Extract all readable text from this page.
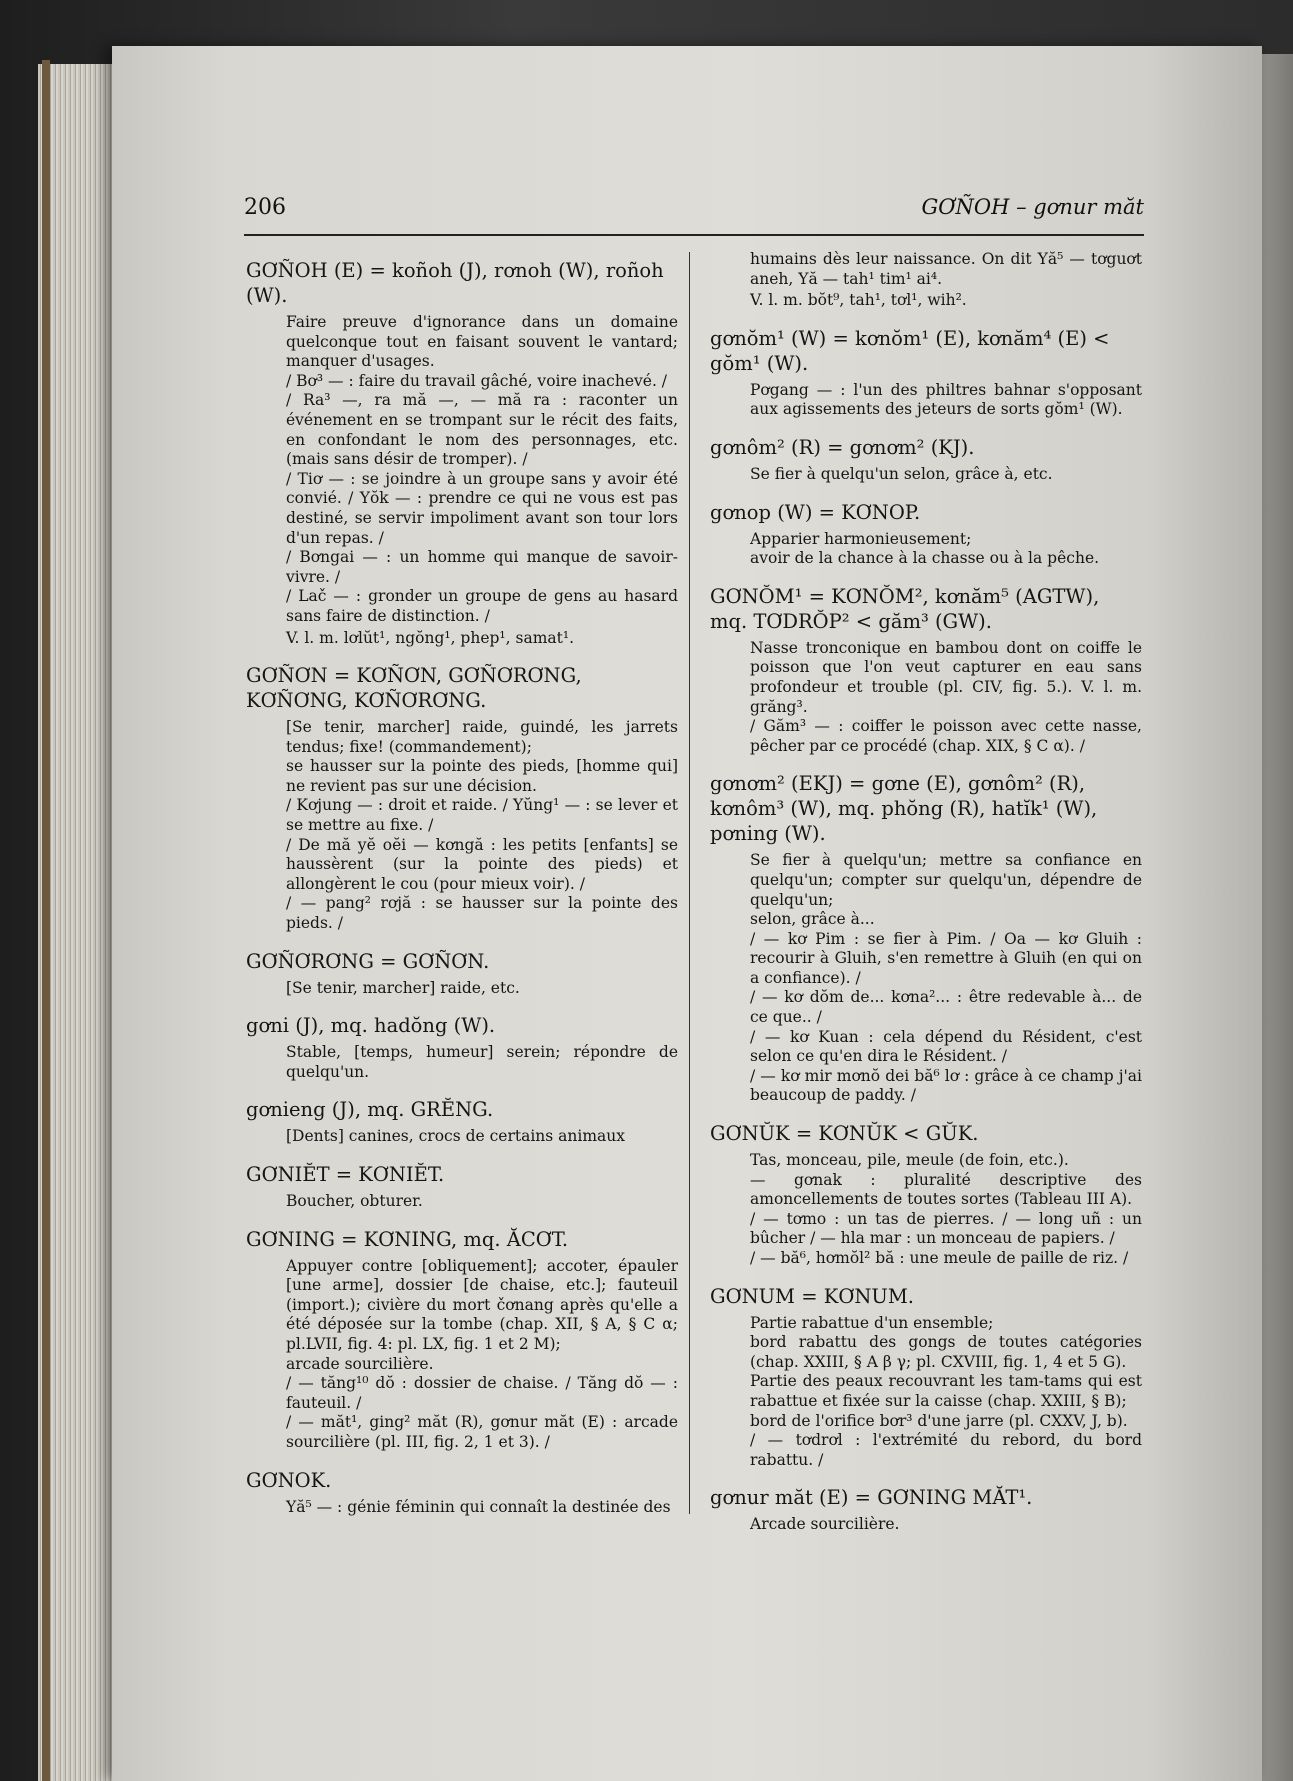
206	GƠÑOH – gơnur măt
GƠÑOH (E) = koñoh (J), rơnoh (W), roñoh (W).

Faire preuve d'ignorance dans un domaine quelconque tout en faisant souvent le vantard; manquer d'usages.

/ Bơ³ — : faire du travail gâché, voire inachevé. /

/ Ra³ —, ra mă —, — mă ra : raconter un événement en se trompant sur le récit des faits, en confondant le nom des personnages, etc. (mais sans désir de tromper). /

/ Tiơ — : se joindre à un groupe sans y avoir été convié. / Yŏk — : prendre ce qui ne vous est pas destiné, se servir impoliment avant son tour lors d'un repas. /

/ Bơngai — : un homme qui manque de savoir-vivre. /

/ Lač — : gronder un groupe de gens au hasard sans faire de distinction. /

V. l. m. lơlŭt¹, ngŏng¹, phep¹, samat¹.
GƠÑƠN = KƠÑƠN, GƠÑƠRƠNG, KƠÑƠNG, KƠÑƠRƠNG.

[Se tenir, marcher] raide, guindé, les jarrets tendus; fixe! (commandement);

se hausser sur la pointe des pieds, [homme qui] ne revient pas sur une décision.

/ Kơjung — : droit et raide. / Yŭng¹ — : se lever et se mettre au fixe. /

/ De mă yĕ oĕi — kơngă : les petits [enfants] se haussèrent (sur la pointe des pieds) et allongèrent le cou (pour mieux voir). /

/ — pang² rơjă : se hausser sur la pointe des pieds. /

GƠÑƠRƠNG = GƠÑƠN.

[Se tenir, marcher] raide, etc.

gơni (J), mq. hadŏng (W).

Stable, [temps, humeur] serein; répondre de quelqu'un.

gơnieng (J), mq. GRĔNG.

[Dents] canines, crocs de certains animaux

GƠNIĔT = KƠNIĔT.

Boucher, obturer.

GƠNING = KƠNING, mq. ĂCƠT.

Appuyer contre [obliquement]; accoter, épauler [une arme], dossier [de chaise, etc.]; fauteuil (import.); civière du mort čơnang après qu'elle a été déposée sur la tombe (chap. XII, § A, § C α; pl.LVII, fig. 4: pl. LX, fig. 1 et 2 M);

arcade sourcilière.

/ — tăng¹⁰ dŏ : dossier de chaise. / Tăng dŏ — : fauteuil. /

/ — măt¹, ging² măt (R), gơnur măt (E) : arcade sourcilière (pl. III, fig. 2, 1 et 3). /

GƠNOK.

Yă⁵ — : génie féminin qui connaît la destinée des

humains dès leur naissance. On dit Yă⁵ — tơguơt aneh, Yă — tah¹ tim¹ ai⁴.
V. l. m. bŏt⁹, tah¹, tơl¹, wih².
gơnŏm¹ (W) = kơnŏm¹ (E), kơnăm⁴ (E) < gŏm¹ (W).

Pơgang — : l'un des philtres bahnar s'opposant aux agissements des jeteurs de sorts gŏm¹ (W).

gơnôm² (R) = gơnơm² (KJ).

Se fier à quelqu'un selon, grâce à, etc.

gơnop (W) = KƠNOP.

Apparier harmonieusement;

avoir de la chance à la chasse ou à la pêche.

GƠNŎM¹ = KƠNŎM², kơnăm⁵ (AGTW), mq. TƠDRŎP² < găm³ (GW).

Nasse tronconique en bambou dont on coiffe le poisson que l'on veut capturer en eau sans profondeur et trouble (pl. CIV, fig. 5.). V. l. m. grăng³.

/ Găm³ — : coiffer le poisson avec cette nasse, pêcher par ce procédé (chap. XIX, § C α). /

gơnơm² (EKJ) = gơne (E), gơnôm² (R), kơnôm³ (W), mq. phŏng (R), hatĭk¹ (W), pơning (W).

Se fier à quelqu'un; mettre sa confiance en quelqu'un; compter sur quelqu'un, dépendre de quelqu'un;

selon, grâce à...

/ — kơ Pim : se fier à Pim. / Oa — kơ Gluih : recourir à Gluih, s'en remettre à Gluih (en qui on a confiance). /

/ — kơ dŏm de... kơna²... : être redevable à... de ce que.. /

/ — kơ Kuan : cela dépend du Résident, c'est selon ce qu'en dira le Résident. /

/ — kơ mir mơnŏ dei bă⁶ lơ : grâce à ce champ j'ai beaucoup de paddy. /

GƠNŬK = KƠNŬK < GŬK.

Tas, monceau, pile, meule (de foin, etc.).

— gơnak : pluralité descriptive des amoncellements de toutes sortes (Tableau III A).

/ — tơmo : un tas de pierres. / — long uñ : un bûcher / — hla mar : un monceau de papiers. /

/ — bă⁶, hơmŏl² bă : une meule de paille de riz. /

GƠNUM = KƠNUM.

Partie rabattue d'un ensemble;

bord rabattu des gongs de toutes catégories (chap. XXIII, § A β γ; pl. CXVIII, fig. 1, 4 et 5 G).

Partie des peaux recouvrant les tam-tams qui est rabattue et fixée sur la caisse (chap. XXIII, § B);

bord de l'orifice bơr³ d'une jarre (pl. CXXV, J, b).

/ — tơdrơl : l'extrémité du rebord, du bord rabattu. /

gơnur măt (E) = GƠNING MĂT¹.

Arcade sourcilière.
